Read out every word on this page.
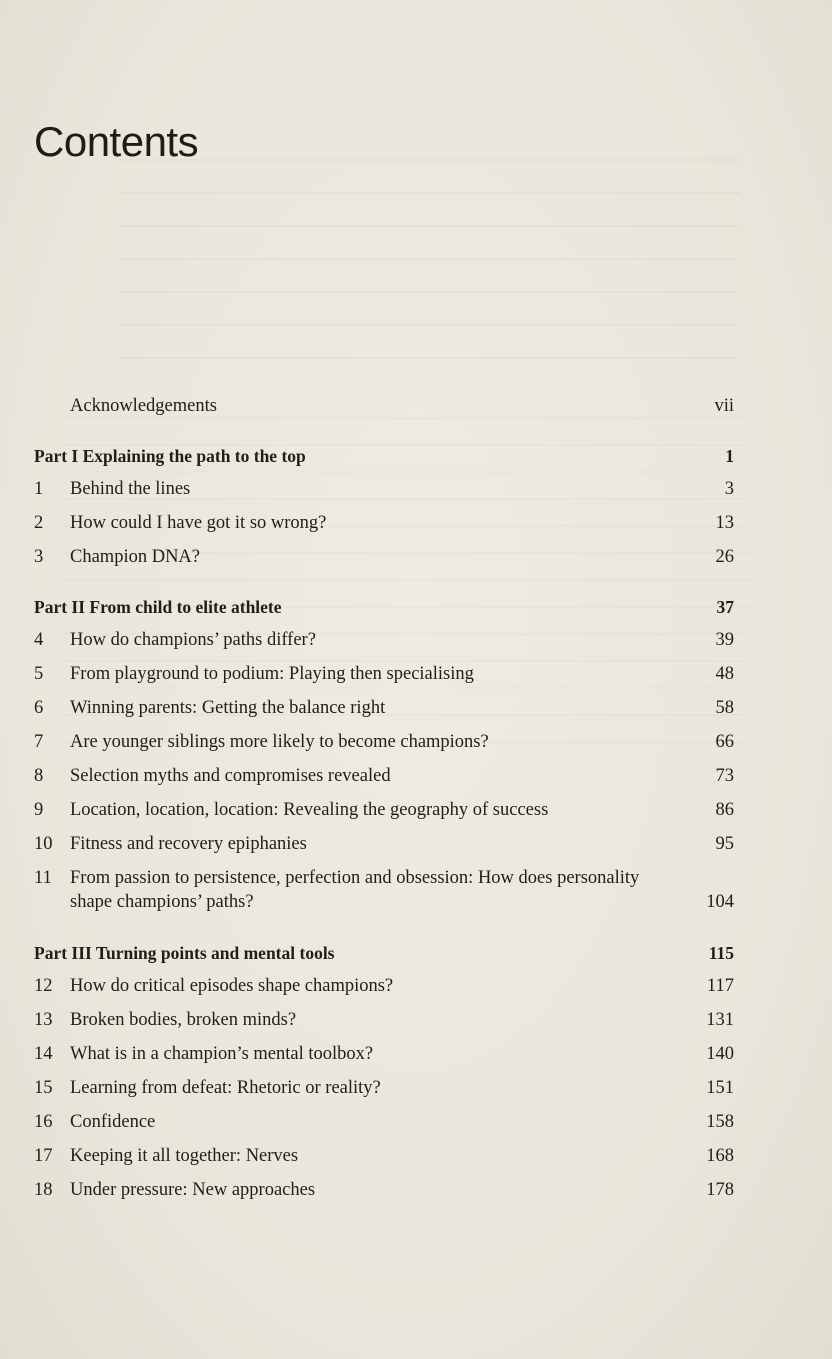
Contents
Acknowledgements	vii
Part I Explaining the path to the top	1
1 Behind the lines	3
2 How could I have got it so wrong?	13
3 Champion DNA?	26
Part II From child to elite athlete	37
4 How do champions’ paths differ?	39
5 From playground to podium: Playing then specialising	48
6 Winning parents: Getting the balance right	58
7 Are younger siblings more likely to become champions?	66
8 Selection myths and compromises revealed	73
9 Location, location, location: Revealing the geography of success	86
10 Fitness and recovery epiphanies	95
11 From passion to persistence, perfection and obsession: How does personality shape champions’ paths?	104
Part III Turning points and mental tools	115
12 How do critical episodes shape champions?	117
13 Broken bodies, broken minds?	131
14 What is in a champion’s mental toolbox?	140
15 Learning from defeat: Rhetoric or reality?	151
16 Confidence	158
17 Keeping it all together: Nerves	168
18 Under pressure: New approaches	178
